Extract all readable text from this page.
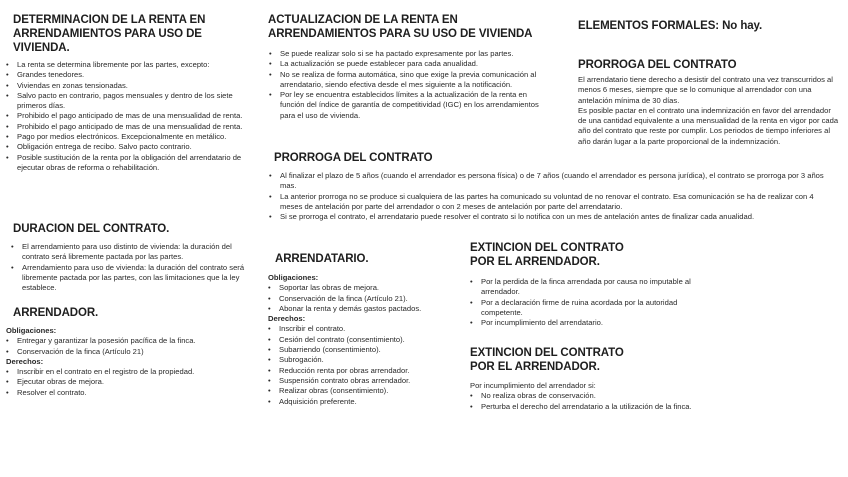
DETERMINACION DE LA RENTA EN
ARRENDAMIENTOS PARA USO DE VIVIENDA.
• La renta se determina libremente por las partes, excepto:
• Grandes tenedores.
• Viviendas en zonas tensionadas.
• Salvo pacto en contrario, pagos mensuales y dentro de los siete primeros días.
• Prohibido el pago anticipado de mas de una mensualidad de renta.
• Prohibido el pago anticipado de mas de una mensualidad de renta.
• Pago por medios electrónicos. Excepcionalmente en metálico.
• Obligación entrega de recibo. Salvo pacto contrario.
• Posible sustitución de la renta por la obligación del arrendatario de ejecutar obras de reforma o rehabilitación.
DURACION DEL CONTRATO.
• El arrendamiento para uso distinto de vivienda: la duración del contrato será libremente pactada por las partes.
• Arrendamiento para uso de vivienda: la duración del contrato será libremente pactada por las partes, con las limitaciones que la ley establece.
ARRENDADOR.
Obligaciones:
• Entregar y garantizar la posesión pacífica de la finca.
• Conservación de la finca (Artículo 21)
Derechos:
• Inscribir en el contrato en el registro de la propiedad.
• Ejecutar obras de mejora.
• Resolver el contrato.
ACTUALIZACION DE LA RENTA EN
ARRENDAMIENTOS PARA SU USO DE VIVIENDA
• Se puede realizar solo si se ha pactado expresamente por las partes.
• La actualización se puede establecer para cada anualidad.
• No se realiza de forma automática, sino que exige la previa comunicación al arrendatario, siendo efectiva desde el mes siguiente a la notificación.
• Por ley se encuentra establecidos límites a la actualización de la renta en función del índice de garantía de competitividad (IGC) en los arrendamientos para el uso de vivienda.
PRORROGA DEL CONTRATO
• Al finalizar el plazo de 5 años (cuando el arrendador es persona física) o de 7 años (cuando el arrendador es persona jurídica), el contrato se prorroga por 3 años mas.
• La anterior prorroga no se produce si cualquiera de las partes ha comunicado su voluntad de no renovar el contrato. Esa comunicación se ha de realizar con 4 meses de antelación por parte del arrendador o con 2 meses de antelación por parte del arrendatario.
• Si se prorroga el contrato, el arrendatario puede resolver el contrato si lo notifica con un mes de antelación antes de finalizar cada anualidad.
ARRENDATARIO.
Obligaciones:
• Soportar las obras de mejora.
• Conservación de la finca (Artículo 21).
• Abonar la renta y demás gastos pactados.
Derechos:
• Inscribir el contrato.
• Cesión del contrato (consentimiento).
• Subarriendo (consentimiento).
• Subrogación.
• Reducción renta por obras arrendador.
• Suspensión contrato obras arrendador.
• Realizar obras (consentimiento).
• Adquisición preferente.
ELEMENTOS FORMALES: No hay.
PRORROGA DEL CONTRATO

El arrendatario tiene derecho a desistir del contrato una vez transcurridos al menos 6 meses, siempre que se lo comunique al arrendador con una antelación mínima de 30 días.

Es posible pactar en el contrato una indemnización en favor del arrendador de una cantidad equivalente a una mensualidad de la renta en vigor por cada año del contrato que reste por cumplir. Los periodos de tiempo inferiores al año darán lugar a la parte proporcional de la indemnización.

EXTINCION DEL CONTRATO
POR EL ARRENDADOR.
• Por la perdida de la finca arrendada por causa no imputable al arrendador.
• Por a declaración firme de ruina acordada por la autoridad competente.
• Por incumplimiento del arrendatario.
EXTINCION DEL CONTRATO
POR EL ARRENDADOR.

Por incumplimiento del arrendador si:

• No realiza obras de conservación.
• Perturba el derecho del arrendatario a la utilización de la finca.
